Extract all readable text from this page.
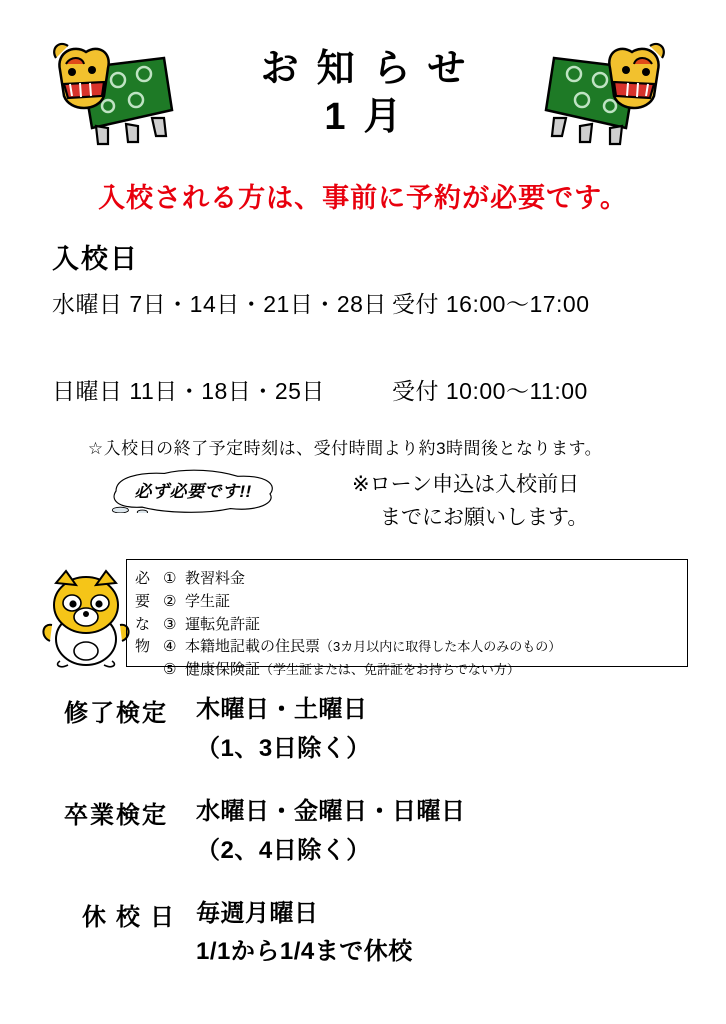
お知らせ
1月
入校される方は、事前に予約が必要です。
入校日
水曜日 7日・14日・21日・28日 受付 16:00〜17:00
日曜日 11日・18日・25日	受付 10:00〜11:00
☆入校日の終了予定時刻は、受付時間より約3時間後となります。
必ず必要です!!	※ローン申込は入校前日
までにお願いします。
必
要
な
物
① 教習料金
② 学生証
③ 運転免許証
④ 本籍地記載の住民票（3カ月以内に取得した本人のみのもの）
⑤ 健康保険証（学生証または、免許証をお持ちでない方）
修了検定	木曜日・土曜日
（1、3日除く）
卒業検定	水曜日・金曜日・日曜日
（2、4日除く）
休校日 毎週月曜日
1/1から1/4まで休校
